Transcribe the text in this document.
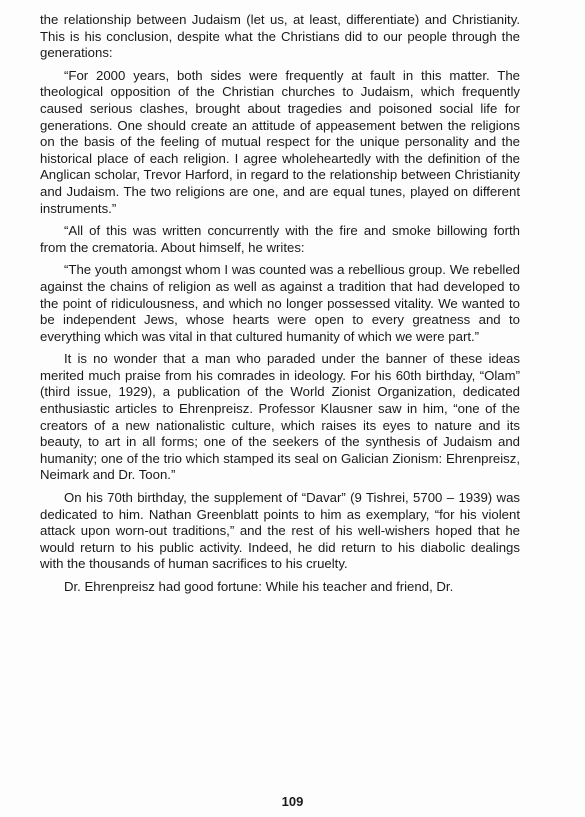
the relationship between Judaism (let us, at least, differentiate) and Christianity. This is his conclusion, despite what the Christians did to our people through the generations:

“For 2000 years, both sides were frequently at fault in this matter. The theological opposition of the Christian churches to Judaism, which frequently caused serious clashes, brought about tragedies and poisoned social life for generations. One should create an attitude of appeasement betwen the religions on the basis of the feeling of mutual respect for the unique personality and the historical place of each religion. I agree wholeheartedly with the definition of the Anglican scholar, Trevor Harford, in regard to the relationship between Christianity and Judaism. The two religions are one, and are equal tunes, played on different instruments.”

“All of this was written concurrently with the fire and smoke billowing forth from the crematoria. About himself, he writes:

“The youth amongst whom I was counted was a rebellious group. We rebelled against the chains of religion as well as against a tradition that had developed to the point of ridiculousness, and which no longer possessed vitality. We wanted to be independent Jews, whose hearts were open to every greatness and to everything which was vital in that cultured humanity of which we were part.”

It is no wonder that a man who paraded under the banner of these ideas merited much praise from his comrades in ideology. For his 60th birthday, “Olam” (third issue, 1929), a publication of the World Zionist Organization, dedicated enthusiastic articles to Ehrenpreisz. Professor Klausner saw in him, “one of the creators of a new nationalistic culture, which raises its eyes to nature and its beauty, to art in all forms; one of the seekers of the synthesis of Judaism and humanity; one of the trio which stamped its seal on Galician Zionism: Ehrenpreisz, Neimark and Dr. Toon.”

On his 70th birthday, the supplement of “Davar” (9 Tishrei, 5700 – 1939) was dedicated to him. Nathan Greenblatt points to him as exemplary, “for his violent attack upon worn-out traditions,” and the rest of his well-wishers hoped that he would return to his public activity. Indeed, he did return to his diabolic dealings with the thousands of human sacrifices to his cruelty.

Dr. Ehrenpreisz had good fortune: While his teacher and friend, Dr.

109
